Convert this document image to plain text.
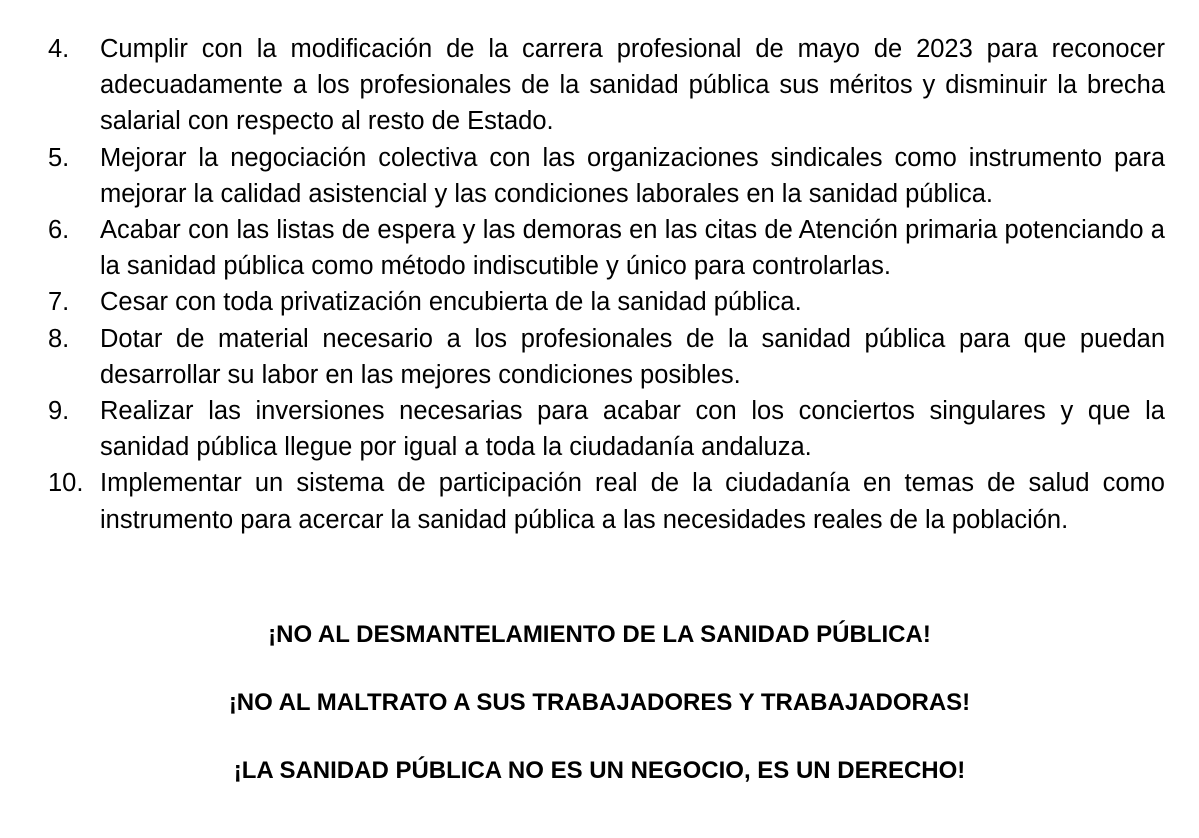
4.	Cumplir con la modificación de la carrera profesional de mayo de 2023 para reconocer adecuadamente a los profesionales de la sanidad pública sus méritos y disminuir la brecha salarial con respecto al resto de Estado.
5.	Mejorar la negociación colectiva con las organizaciones sindicales como instrumento para mejorar la calidad asistencial y las condiciones laborales en la sanidad pública.
6.	Acabar con las listas de espera y las demoras en las citas de Atención primaria potenciando a la sanidad pública como método indiscutible y único para controlarlas.
7.	Cesar con toda privatización encubierta de la sanidad pública.
8.	Dotar de material necesario a los profesionales de la sanidad pública para que puedan desarrollar su labor en las mejores condiciones posibles.
9.	Realizar las inversiones necesarias para acabar con los conciertos singulares y que la sanidad pública llegue por igual a toda la ciudadanía andaluza.
10. Implementar un sistema de participación real de la ciudadanía en temas de salud como instrumento para acercar la sanidad pública a las necesidades reales de la población.

¡NO AL DESMANTELAMIENTO DE LA SANIDAD PÚBLICA!

¡NO AL MALTRATO A SUS TRABAJADORES Y TRABAJADORAS!

¡LA SANIDAD PÚBLICA NO ES UN NEGOCIO, ES UN DERECHO!
